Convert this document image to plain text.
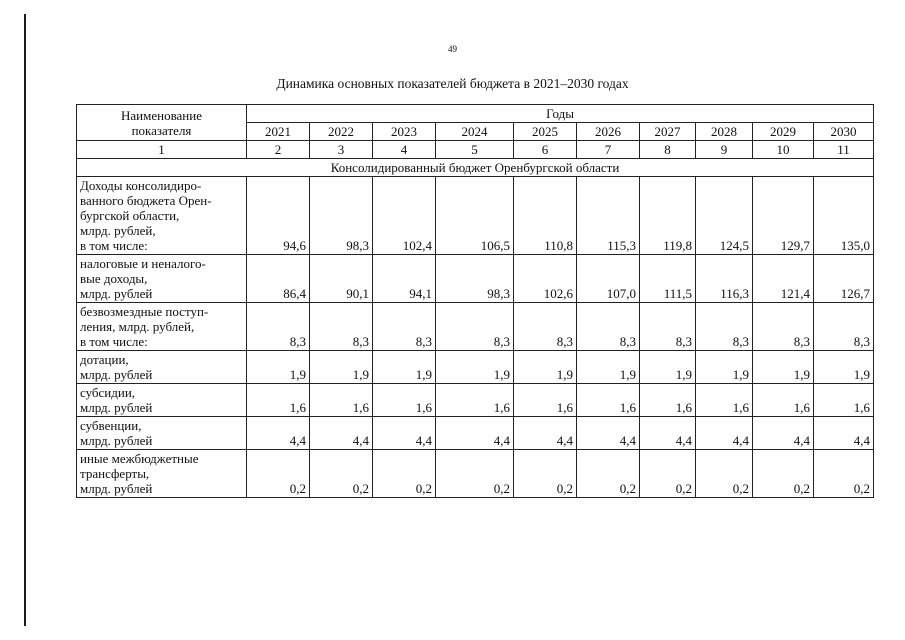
49
Динамика основных показателей бюджета в 2021–2030 годах
Наименование
показателя	Годы									
	2021	2022	2023	2024	2025	2026	2027	2028	2029	2030
1	2	3	4	5	6	7	8	9	10	11
Консолидированный бюджет Оренбургской области										
Доходы консолидиро-
ванного бюджета Орен-
бургской области,
млрд. рублей,
в том числе:	94,6	98,3	102,4	106,5	110,8	115,3	119,8	124,5	129,7	135,0
налоговые и неналого-
вые доходы,
млрд. рублей	86,4	90,1	94,1	98,3	102,6	107,0	111,5	116,3	121,4	126,7
безвозмездные поступ-
ления, млрд. рублей,
в том числе:	8,3	8,3	8,3	8,3	8,3	8,3	8,3	8,3	8,3	8,3
дотации,
млрд. рублей	1,9	1,9	1,9	1,9	1,9	1,9	1,9	1,9	1,9	1,9
субсидии,
млрд. рублей	1,6	1,6	1,6	1,6	1,6	1,6	1,6	1,6	1,6	1,6
субвенции,
млрд. рублей	4,4	4,4	4,4	4,4	4,4	4,4	4,4	4,4	4,4	4,4
иные межбюджетные
трансферты,
млрд. рублей	0,2	0,2	0,2	0,2	0,2	0,2	0,2	0,2	0,2	0,2
